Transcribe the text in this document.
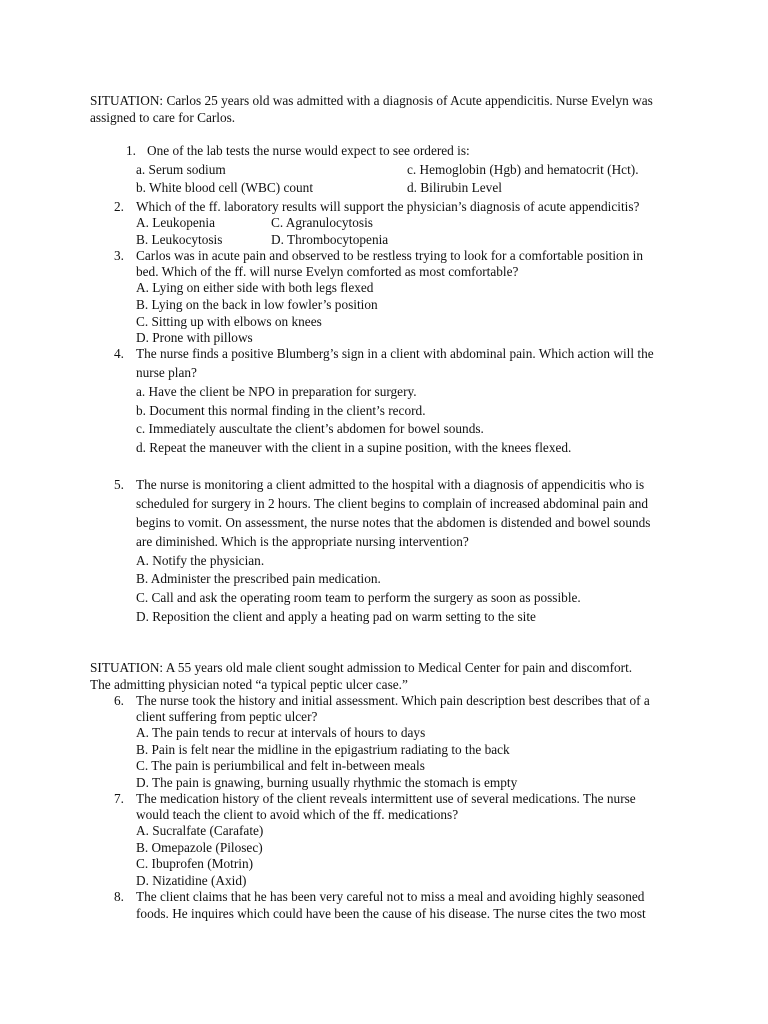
SITUATION: Carlos 25 years old was admitted with a diagnosis of Acute appendicitis. Nurse Evelyn was
assigned to care for Carlos.
1. One of the lab tests the nurse would expect to see ordered is:
a. Serum sodium	c. Hemoglobin (Hgb) and hematocrit (Hct).
b. White blood cell (WBC) count	d. Bilirubin Level
2. Which of the ff. laboratory results will support the physician’s diagnosis of acute appendicitis?
A. Leukopenia	C. Agranulocytosis
B. Leukocytosis	D. Thrombocytopenia
3. Carlos was in acute pain and observed to be restless trying to look for a comfortable position in
bed. Which of the ff. will nurse Evelyn comforted as most comfortable?
A. Lying on either side with both legs flexed
B. Lying on the back in low fowler’s position
C. Sitting up with elbows on knees
D. Prone with pillows
4. The nurse finds a positive Blumberg’s sign in a client with abdominal pain. Which action will the
nurse plan?
a. Have the client be NPO in preparation for surgery.
b. Document this normal finding in the client’s record.
c. Immediately auscultate the client’s abdomen for bowel sounds.
d. Repeat the maneuver with the client in a supine position, with the knees flexed.
5. The nurse is monitoring a client admitted to the hospital with a diagnosis of appendicitis who is
scheduled for surgery in 2 hours. The client begins to complain of increased abdominal pain and
begins to vomit. On assessment, the nurse notes that the abdomen is distended and bowel sounds
are diminished. Which is the appropriate nursing intervention?
A. Notify the physician.
B. Administer the prescribed pain medication.
C. Call and ask the operating room team to perform the surgery as soon as possible.
D. Reposition the client and apply a heating pad on warm setting to the site
SITUATION: A 55 years old male client sought admission to Medical Center for pain and discomfort.
The admitting physician noted “a typical peptic ulcer case.”
6. The nurse took the history and initial assessment. Which pain description best describes that of a
client suffering from peptic ulcer?
A. The pain tends to recur at intervals of hours to days
B. Pain is felt near the midline in the epigastrium radiating to the back
C. The pain is periumbilical and felt in-between meals
D. The pain is gnawing, burning usually rhythmic the stomach is empty
7. The medication history of the client reveals intermittent use of several medications. The nurse
would teach the client to avoid which of the ff. medications?
A. Sucralfate (Carafate)
B. Omepazole (Pilosec)
C. Ibuprofen (Motrin)
D. Nizatidine (Axid)
8. The client claims that he has been very careful not to miss a meal and avoiding highly seasoned
foods. He inquires which could have been the cause of his disease. The nurse cites the two most
